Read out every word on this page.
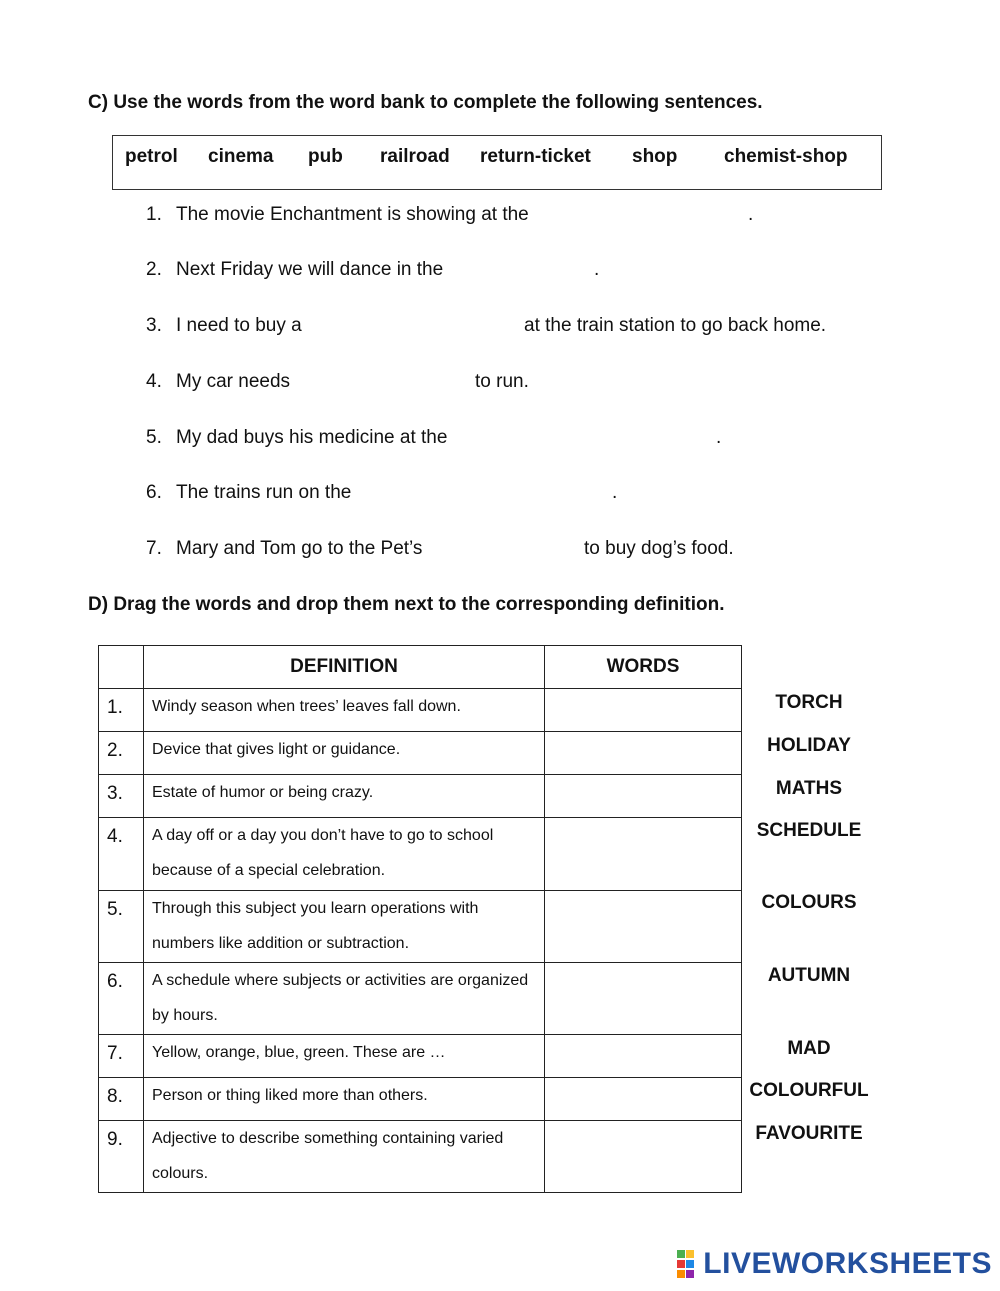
C) Use the words from the word bank to complete the following sentences.
petrol cinema pub railroad return-ticket shop chemist-shop
1. The movie Enchantment is showing at the	.
2. Next Friday we will dance in the	.
3. I need to buy a	at the train station to go back home.
4. My car needs	to run.
5. My dad buys his medicine at the	.
6. The trains run on the	.
7. Mary and Tom go to the Pet’s	to buy dog’s food.
D) Drag the words and drop them next to the corresponding definition.
	DEFINITION	WORDS
1.	Windy season when trees’ leaves fall down.	
2.	Device that gives light or guidance.	
3.	Estate of humor or being crazy.	
4.	A day off or a day you don’t have to go to school because of a special celebration.	
5.	Through this subject you learn operations with numbers like addition or subtraction.	
6.	A schedule where subjects or activities are organized by hours.	
7.	Yellow, orange, blue, green. These are …	
8.	Person or thing liked more than others.	
9.	Adjective to describe something containing varied colours.	
TORCH
HOLIDAY
MATHS
SCHEDULE
COLOURS
AUTUMN
MAD
COLOURFUL
FAVOURITE
LIVEWORKSHEETS
